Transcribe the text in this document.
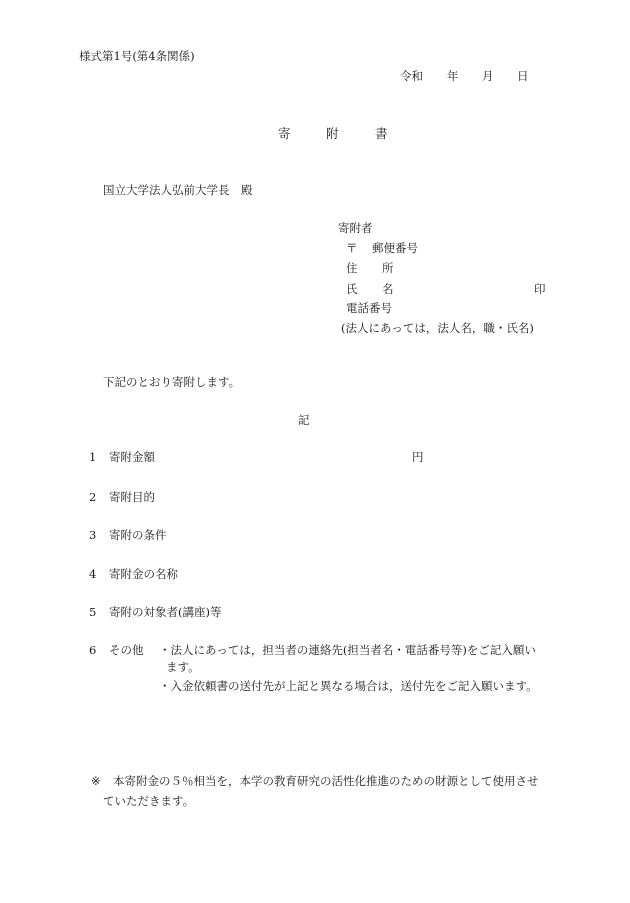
様式第1号(第4条関係)
令和 年 月 日
寄	附	書
国立大学法人弘前大学長　殿
寄附者
〒 郵便番号
住 所
氏 名	印
電話番号
(法人にあっては，法人名，職・氏名)
下記のとおり寄附します。
記
1 寄附金額	円
2 寄附目的
3 寄附の条件
4 寄附金の名称
5 寄附の対象者(講座)等
6 その他 ・法人にあっては，担当者の連絡先(担当者名・電話番号等)をご記入願い
ます。
・入金依頼書の送付先が上記と異なる場合は，送付先をご記入願います。
※ 本寄附金の５％相当を，本学の教育研究の活性化推進のための財源として使用させ
ていただきます。
